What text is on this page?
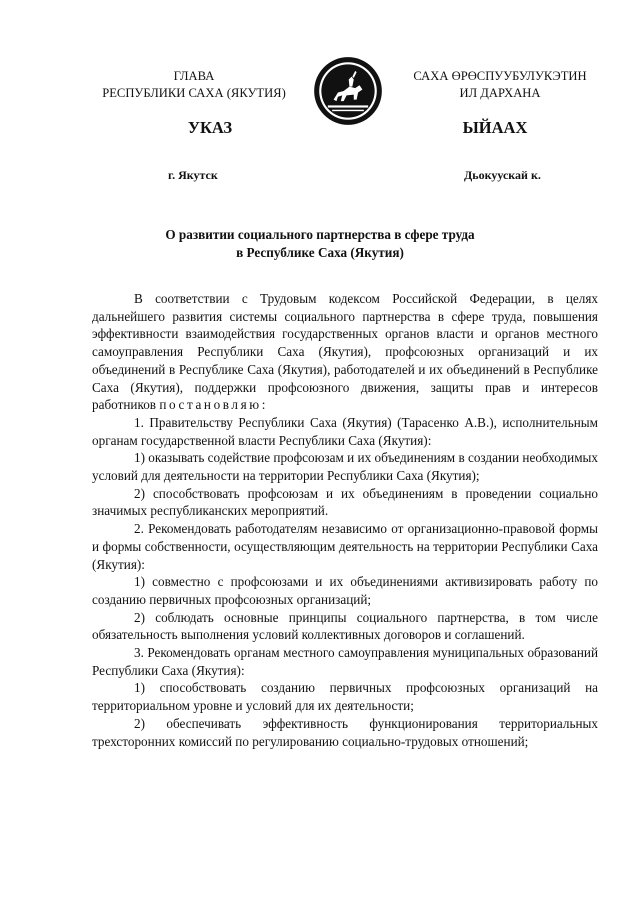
ГЛАВА
РЕСПУБЛИКИ САХА (ЯКУТИЯ)
САХА ӨРӨСПУУБУЛУКЭТИН
ИЛ ДАРХАНА
УКАЗ	ЫЙААХ
г. Якутск	Дьокуускай к.
О развитии социального партнерства в сфере труда
в Республике Саха (Якутия)

В соответствии с Трудовым кодексом Российской Федерации, в целях дальнейшего развития системы социального партнерства в сфере труда, повышения эффективности взаимодействия государственных органов власти и органов местного самоуправления Республики Саха (Якутия), профсоюзных организаций и их объединений в Республике Саха (Якутия), работодателей и их объединений в Республике Саха (Якутия), поддержки профсоюзного движения, защиты прав и интересов работников постановляю:

1. Правительству Республики Саха (Якутия) (Тарасенко А.В.), исполнительным органам государственной власти Республики Саха (Якутия):

1) оказывать содействие профсоюзам и их объединениям в создании необходимых условий для деятельности на территории Республики Саха (Якутия);

2) способствовать профсоюзам и их объединениям в проведении социально значимых республиканских мероприятий.

2. Рекомендовать работодателям независимо от организационно-правовой формы и формы собственности, осуществляющим деятельность на территории Республики Саха (Якутия):

1) совместно с профсоюзами и их объединениями активизировать работу по созданию первичных профсоюзных организаций;

2) соблюдать основные принципы социального партнерства, в том числе обязательность выполнения условий коллективных договоров и соглашений.

3. Рекомендовать органам местного самоуправления муниципальных образований Республики Саха (Якутия):

1) способствовать созданию первичных профсоюзных организаций на территориальном уровне и условий для их деятельности;

2) обеспечивать эффективность функционирования территориальных трехсторонних комиссий по регулированию социально-трудовых отношений;
